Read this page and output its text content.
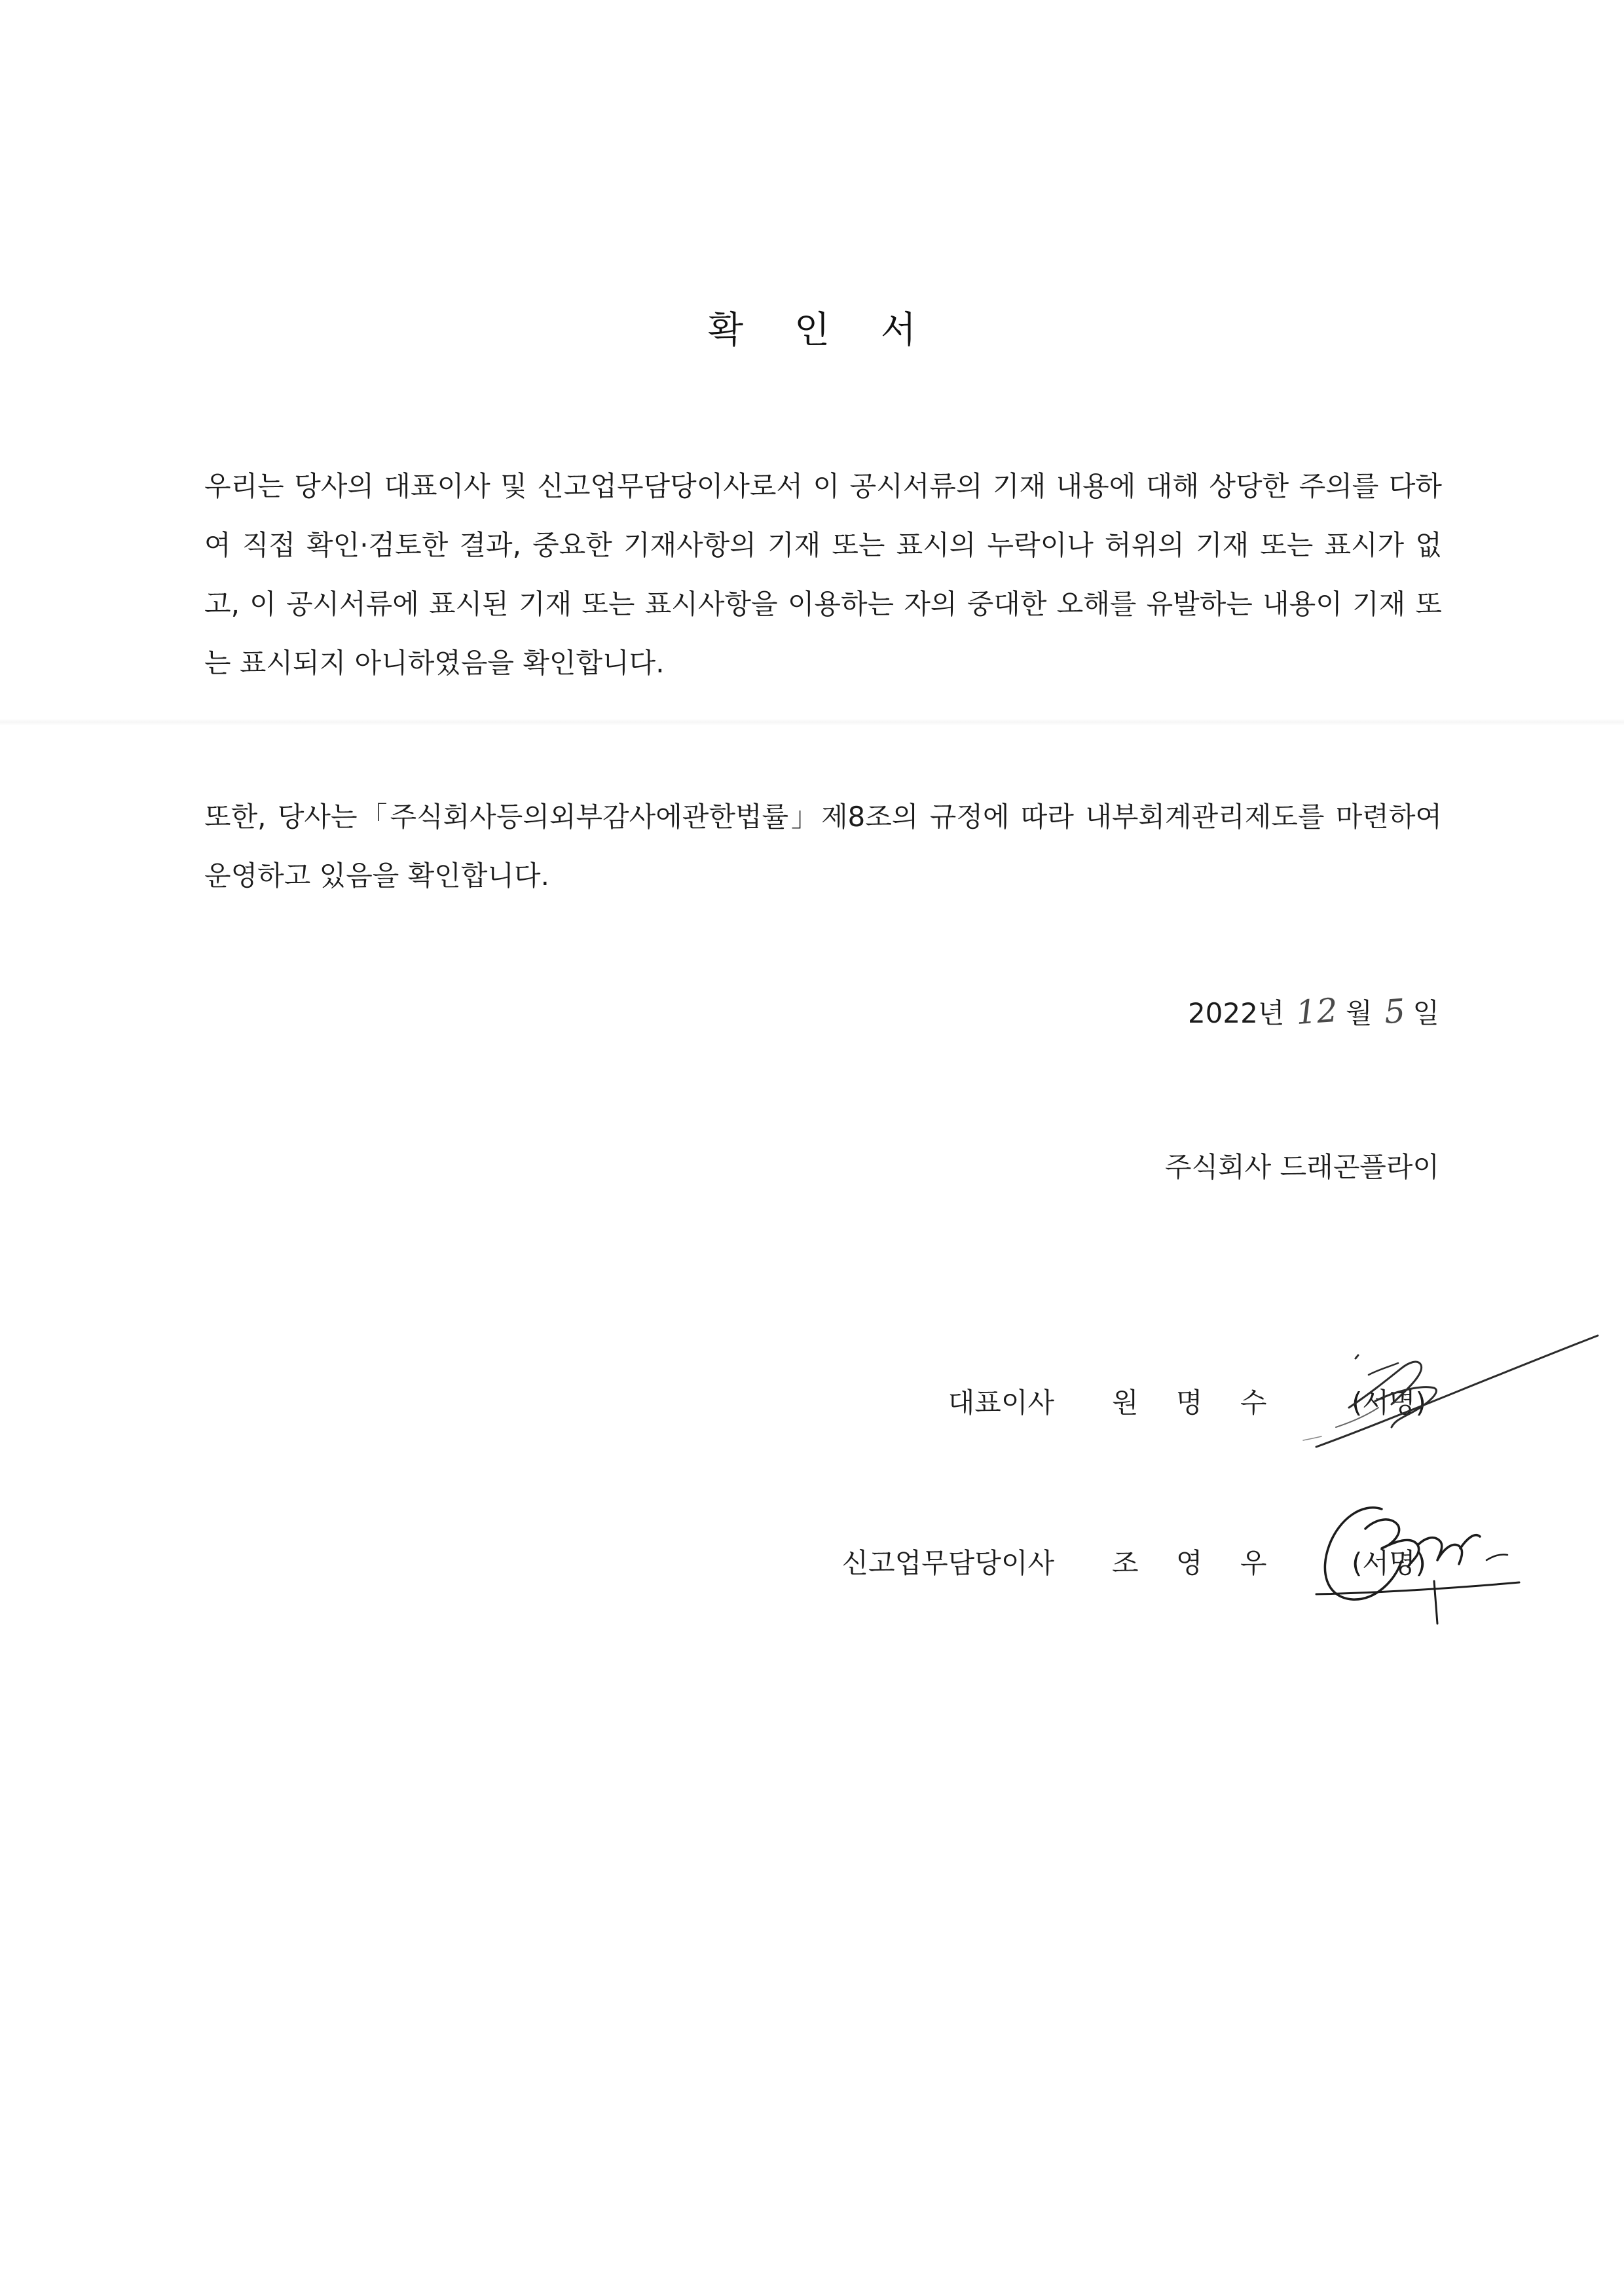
확 인 서
우리는 당사의 대표이사 및 신고업무담당이사로서 이 공시서류의 기재 내용에 대해 상당한 주의를 다하여 직접 확인·검토한 결과, 중요한 기재사항의 기재 또는 표시의 누락이나 허위의 기재 또는 표시가 없고, 이 공시서류에 표시된 기재 또는 표시사항을 이용하는 자의 중대한 오해를 유발하는 내용이 기재 또는 표시되지 아니하였음을 확인합니다.
또한, 당사는「주식회사등의외부감사에관한법률」제8조의 규정에 따라 내부회계관리제도를 마련하여 운영하고 있음을 확인합니다.
2022년 12 월 5 일
주식회사 드래곤플라이
대표이사 원 명 수	(서명)
신고업무담당이사 조 영 우	(서명)
